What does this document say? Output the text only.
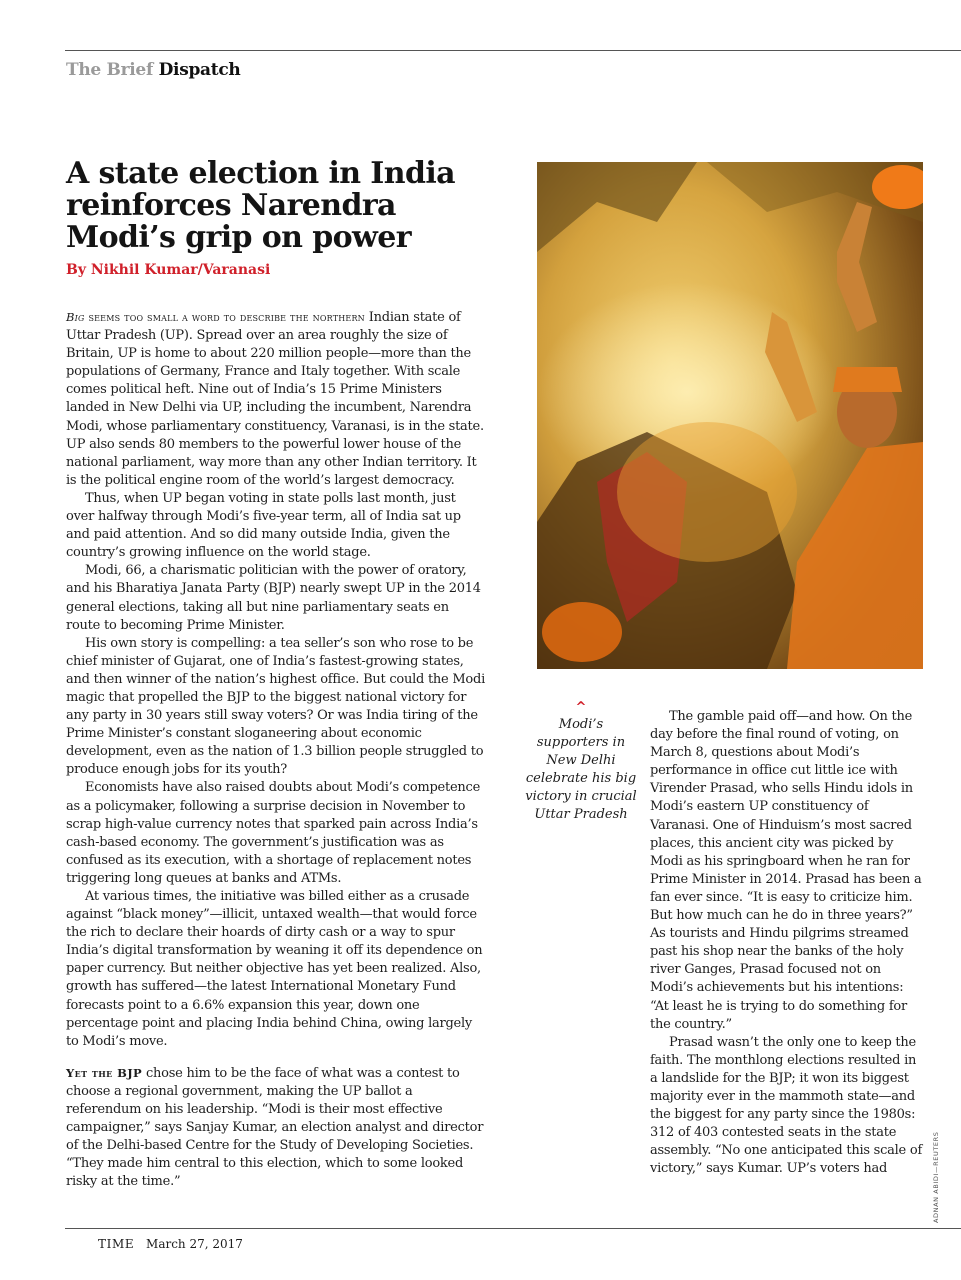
The Brief Dispatch
A state election in India reinforces Narendra Modi’s grip on power
By Nikhil Kumar/Varanasi

Big seems too small a word to describe the northern Indian state of Uttar Pradesh (UP). Spread over an area roughly the size of Britain, UP is home to about 220 million people—more than the populations of Germany, France and Italy together. With scale comes political heft. Nine out of India’s 15 Prime Ministers landed in New Delhi via UP, including the incumbent, Narendra Modi, whose parliamentary constituency, Varanasi, is in the state. UP also sends 80 members to the powerful lower house of the national parliament, way more than any other Indian territory. It is the political engine room of the world’s largest democracy.

Thus, when UP began voting in state polls last month, just over halfway through Modi’s five-year term, all of India sat up and paid attention. And so did many outside India, given the country’s growing influence on the world stage.

Modi, 66, a charismatic politician with the power of oratory, and his Bharatiya Janata Party (BJP) nearly swept UP in the 2014 general elections, taking all but nine parliamentary seats en route to becoming Prime Minister.

His own story is compelling: a tea seller’s son who rose to be chief minister of Gujarat, one of India’s fastest-growing states, and then winner of the nation’s highest office. But could the Modi magic that propelled the BJP to the biggest national victory for any party in 30 years still sway voters? Or was India tiring of the Prime Minister’s constant sloganeering about economic development, even as the nation of 1.3 billion people struggled to produce enough jobs for its youth?

Economists have also raised doubts about Modi’s competence as a policymaker, following a surprise decision in November to scrap high-value currency notes that sparked pain across India’s cash-based economy. The government’s justification was as confused as its execution, with a shortage of replacement notes triggering long queues at banks and ATMs.

At various times, the initiative was billed either as a crusade against “black money”—illicit, untaxed wealth—that would force the rich to declare their hoards of dirty cash or a way to spur India’s digital transformation by weaning it off its dependence on paper currency. But neither objective has yet been realized. Also, growth has suffered—the latest International Monetary Fund forecasts point to a 6.6% expansion this year, down one percentage point and placing India behind China, owing largely to Modi’s move.

Yet the BJP chose him to be the face of what was a contest to choose a regional government, making the UP ballot a referendum on his leadership. “Modi is their most effective campaigner,” says Sanjay Kumar, an election analyst and director of the Delhi-based Centre for the Study of Developing Societies. “They made him central to this election, which to some looked risky at the time.”

^

Modi’s supporters in New Delhi celebrate his big victory in crucial Uttar Pradesh

The gamble paid off—and how. On the day before the final round of voting, on March 8, questions about Modi’s performance in office cut little ice with Virender Prasad, who sells Hindu idols in Modi’s eastern UP constituency of Varanasi. One of Hinduism’s most sacred places, this ancient city was picked by Modi as his springboard when he ran for Prime Minister in 2014. Prasad has been a fan ever since. “It is easy to criticize him. But how much can he do in three years?” As tourists and Hindu pilgrims streamed past his shop near the banks of the holy river Ganges, Prasad focused not on Modi’s achievements but his intentions: “At least he is trying to do something for the country.”

Prasad wasn’t the only one to keep the faith. The monthlong elections resulted in a landslide for the BJP; it won its biggest majority ever in the mammoth state—and the biggest for any party since the 1980s: 312 of 403 contested seats in the state assembly. “No one anticipated this scale of victory,” says Kumar. UP’s voters had	ADNAN ABIDI—REUTERS
TIME March 27, 2017
